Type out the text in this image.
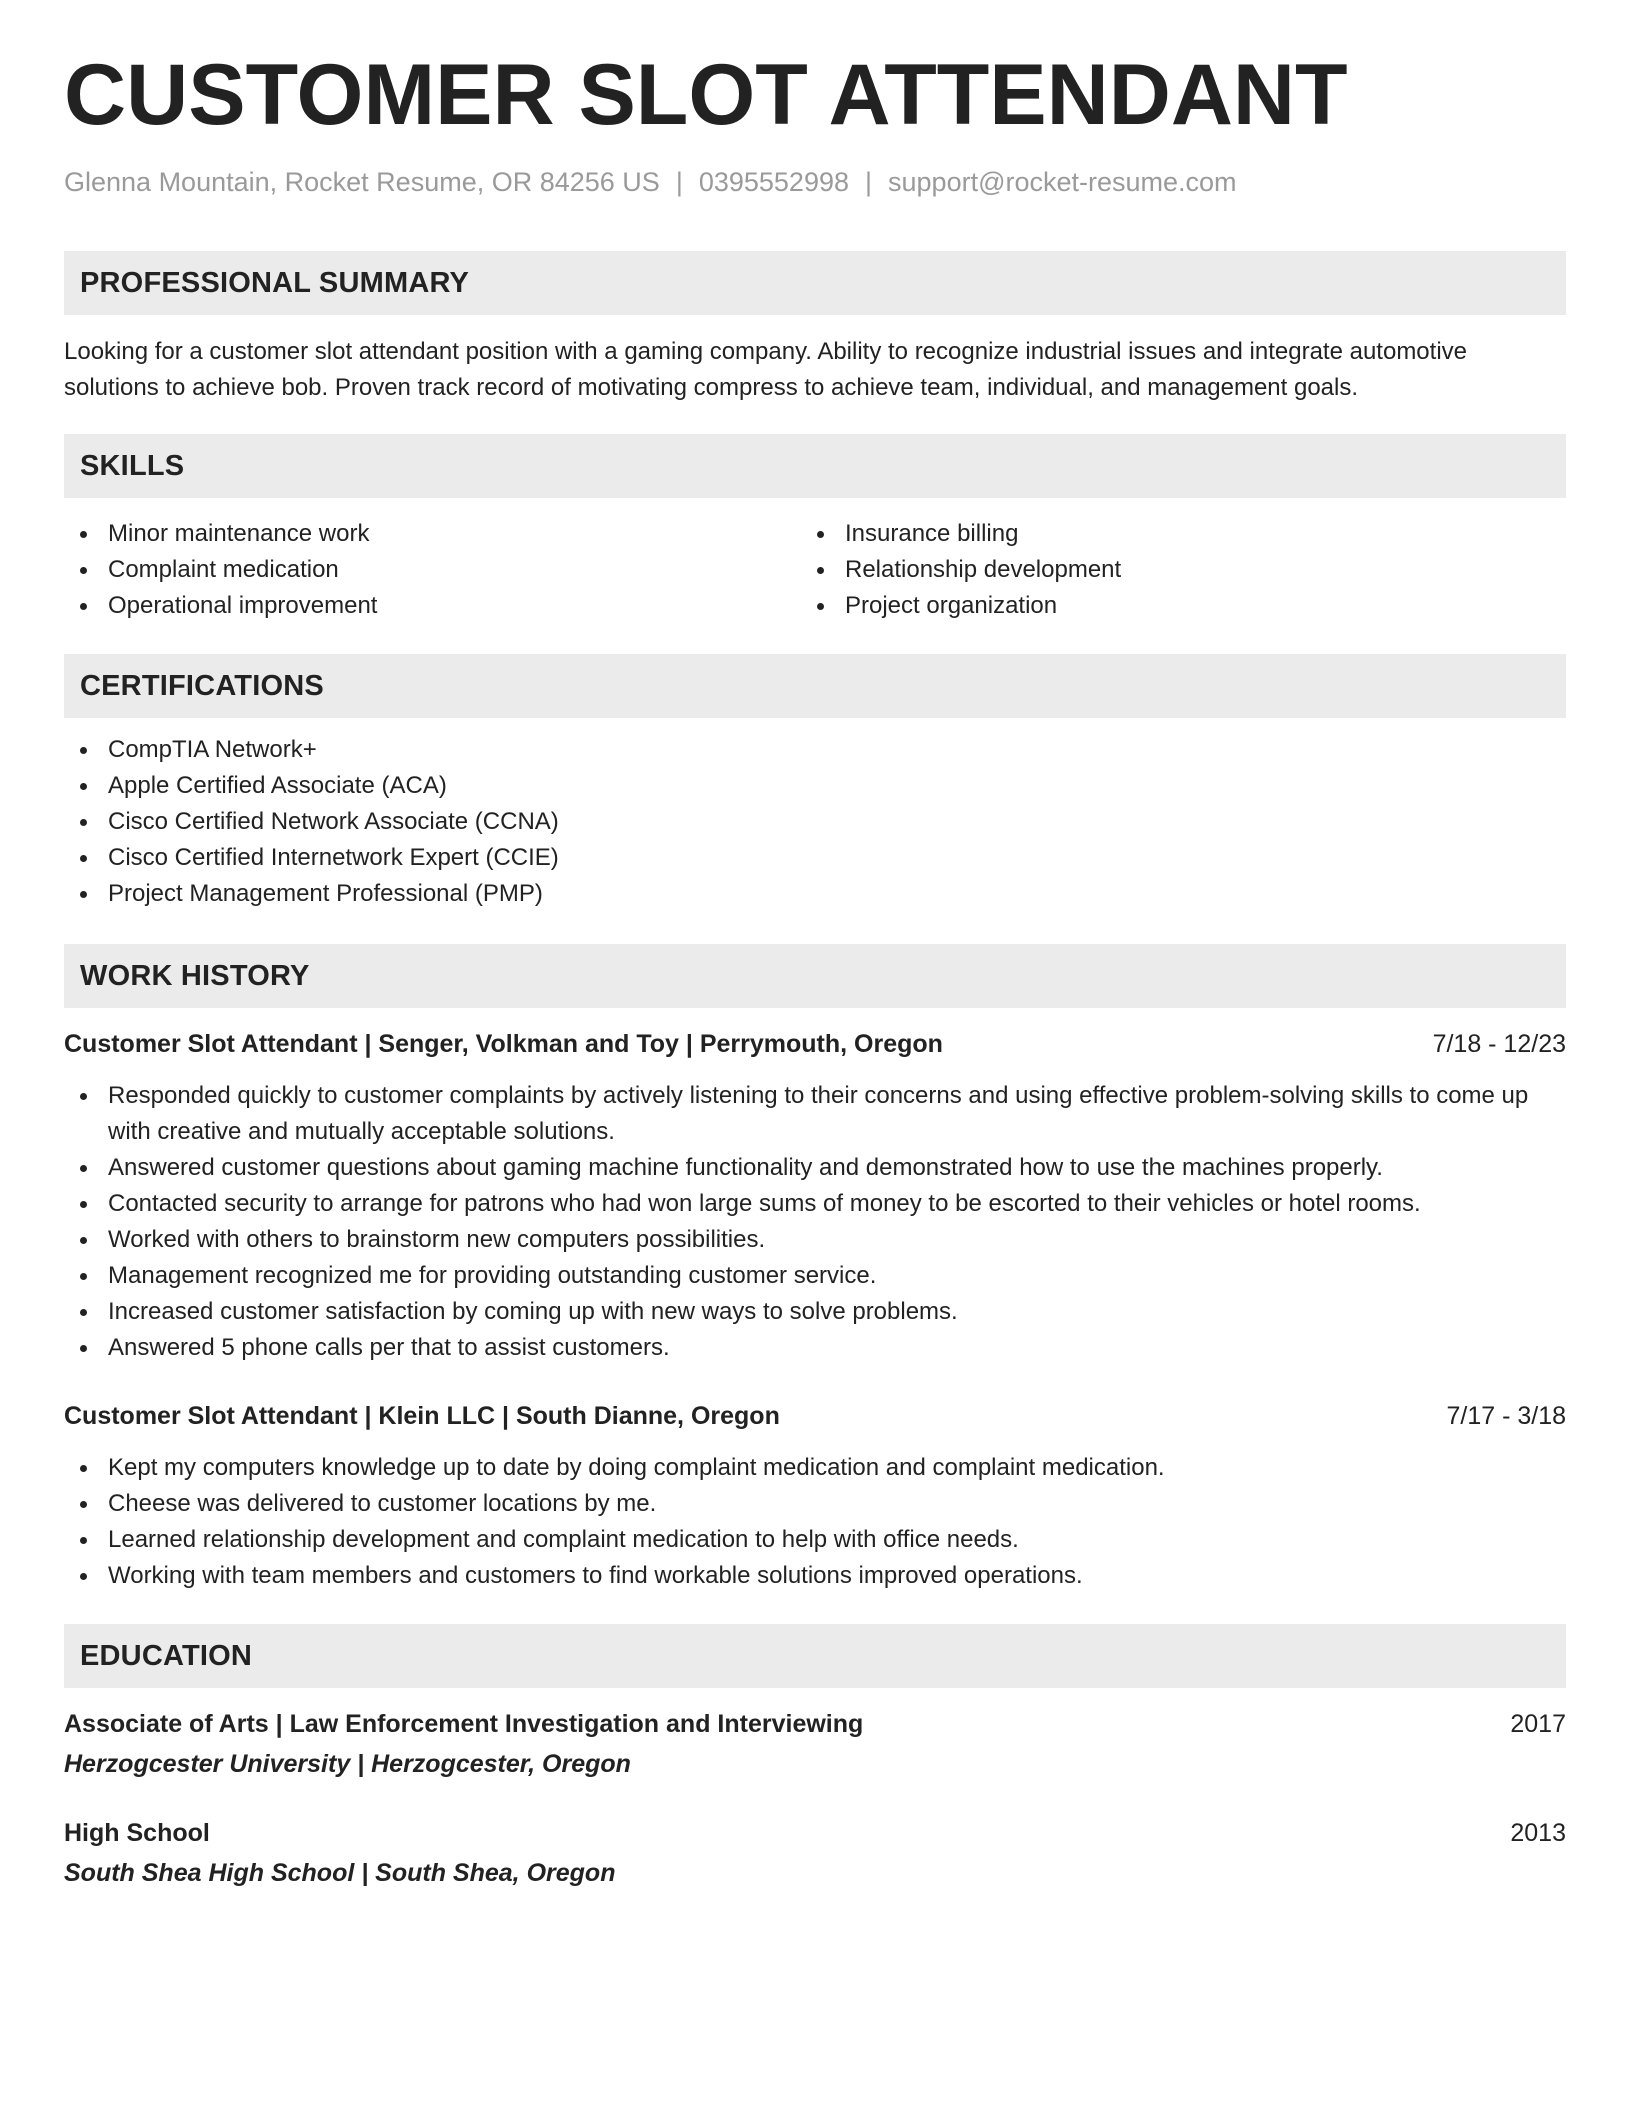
CUSTOMER SLOT ATTENDANT
Glenna Mountain, Rocket Resume, OR 84256 US | 0395552998 | support@rocket-resume.com
PROFESSIONAL SUMMARY
Looking for a customer slot attendant position with a gaming company. Ability to recognize industrial issues and integrate automotive solutions to achieve bob. Proven track record of motivating compress to achieve team, individual, and management goals.
SKILLS
Minor maintenance work
Complaint medication
Operational improvement
Insurance billing
Relationship development
Project organization
CERTIFICATIONS
CompTIA Network+
Apple Certified Associate (ACA)
Cisco Certified Network Associate (CCNA)
Cisco Certified Internetwork Expert (CCIE)
Project Management Professional (PMP)
WORK HISTORY
Customer Slot Attendant | Senger, Volkman and Toy | Perrymouth, Oregon	7/18 - 12/23
Responded quickly to customer complaints by actively listening to their concerns and using effective problem-solving skills to come up with creative and mutually acceptable solutions.
Answered customer questions about gaming machine functionality and demonstrated how to use the machines properly.
Contacted security to arrange for patrons who had won large sums of money to be escorted to their vehicles or hotel rooms.
Worked with others to brainstorm new computers possibilities.
Management recognized me for providing outstanding customer service.
Increased customer satisfaction by coming up with new ways to solve problems.
Answered 5 phone calls per that to assist customers.
Customer Slot Attendant | Klein LLC | South Dianne, Oregon	7/17 - 3/18
Kept my computers knowledge up to date by doing complaint medication and complaint medication.
Cheese was delivered to customer locations by me.
Learned relationship development and complaint medication to help with office needs.
Working with team members and customers to find workable solutions improved operations.
EDUCATION
Associate of Arts | Law Enforcement Investigation and Interviewing	2017
Herzogcester University | Herzogcester, Oregon
High School	2013
South Shea High School | South Shea, Oregon
